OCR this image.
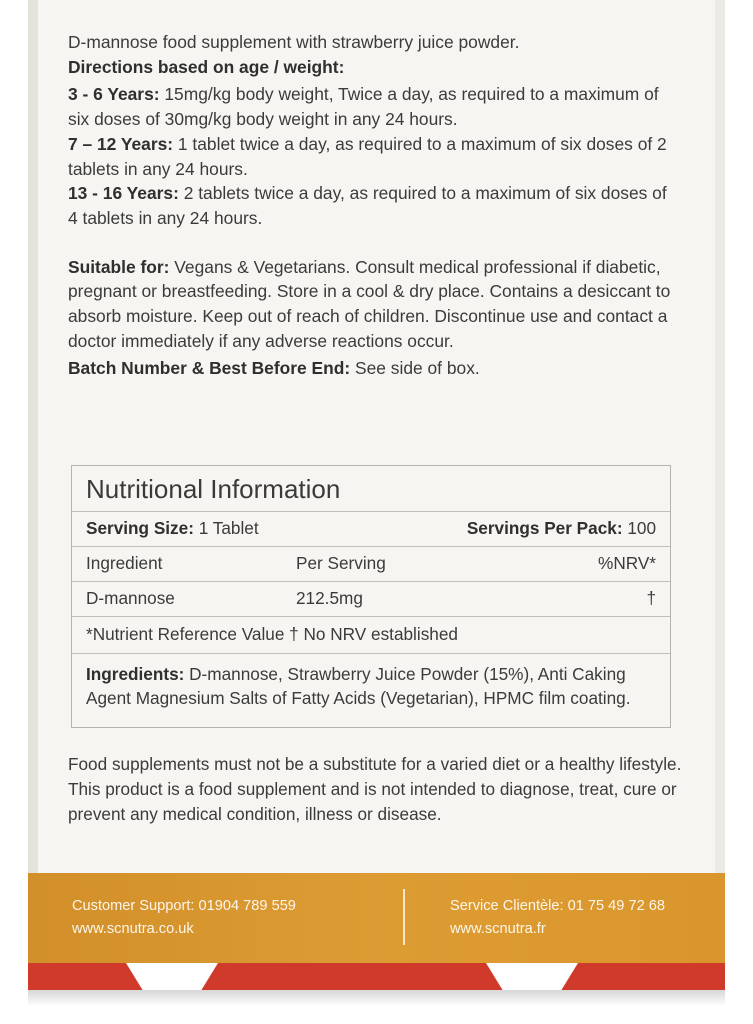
D-mannose food supplement with strawberry juice powder.
Directions based on age / weight:
3 - 6 Years: 15mg/kg body weight, Twice a day, as required to a maximum of six doses of 30mg/kg body weight in any 24 hours.
7 – 12 Years: 1 tablet twice a day, as required to a maximum of six doses of 2 tablets in any 24 hours.
13 - 16 Years: 2 tablets twice a day, as required to a maximum of six doses of 4 tablets in any 24 hours.
Suitable for: Vegans & Vegetarians. Consult medical professional if diabetic, pregnant or breastfeeding. Store in a cool & dry place. Contains a desiccant to absorb moisture. Keep out of reach of children. Discontinue use and contact a doctor immediately if any adverse reactions occur.
Batch Number & Best Before End: See side of box.
Nutritional Information
Serving Size: 1 Tablet	Servings Per Pack: 100
Ingredient	Per Serving	%NRV*
D-mannose	212.5mg	†
*Nutrient Reference Value † No NRV established
Ingredients: D-mannose, Strawberry Juice Powder (15%), Anti Caking Agent Magnesium Salts of Fatty Acids (Vegetarian), HPMC film coating.
Food supplements must not be a substitute for a varied diet or a healthy lifestyle. This product is a food supplement and is not intended to diagnose, treat, cure or prevent any medical condition, illness or disease.
Customer Support: 01904 789 559
www.scnutra.co.uk
Service Clientèle: 01 75 49 72 68
www.scnutra.fr
